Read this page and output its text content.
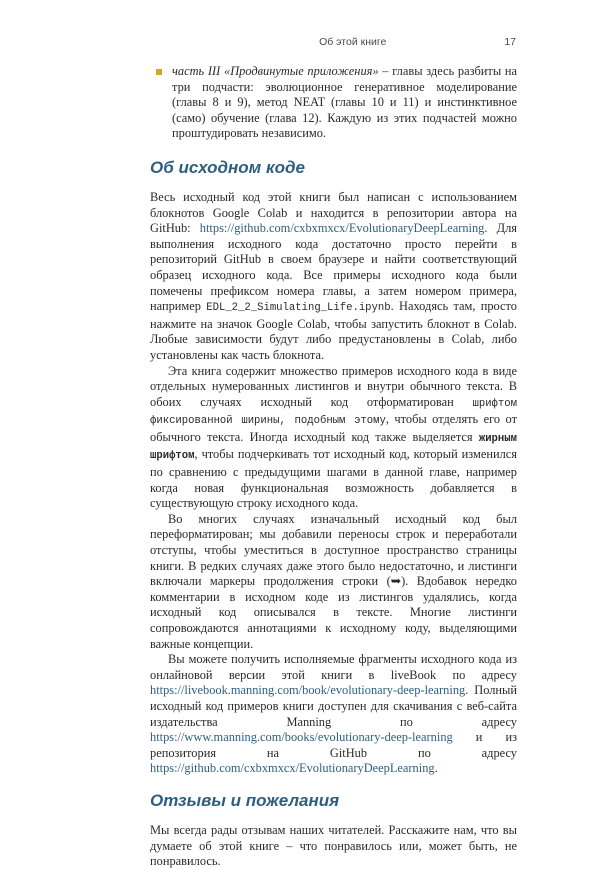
Об этой книге	17
часть III «Продвинутые приложения» – главы здесь разбиты на три подчасти: эволюционное генеративное моделирование (главы 8 и 9), метод NEAT (главы 10 и 11) и инстинктивное (само) обучение (глава 12). Каждую из этих подчастей можно проштудировать независимо.
Об исходном коде

Весь исходный код этой книги был написан с использованием блокнотов Google Colab и находится в репозитории автора на GitHub: https://github.com/cxbxmxcx/EvolutionaryDeepLearning. Для выполнения исходного кода достаточно просто перейти в репозиторий GitHub в своем браузере и найти соответствующий образец исходного кода. Все примеры исходного кода были помечены префиксом номера главы, а затем номером примера, например EDL_2_2_Simulating_Life.ipynb. Находясь там, просто нажмите на значок Google Colab, чтобы запустить блокнот в Colab. Любые зависимости будут либо предустановлены в Colab, либо установлены как часть блокнота.

Эта книга содержит множество примеров исходного кода в виде отдельных нумерованных листингов и внутри обычного текста. В обоих случаях исходный код отформатирован шрифтом фиксированной ширины, подобным этому, чтобы отделять его от обычного текста. Иногда исходный код также выделяется жирным шрифтом, чтобы подчеркивать тот исходный код, который изменился по сравнению с предыдущими шагами в данной главе, например когда новая функциональная возможность добавляется в существующую строку исходного кода.

Во многих случаях изначальный исходный код был переформатирован; мы добавили переносы строк и переработали отступы, чтобы уместиться в доступное пространство страницы книги. В редких случаях даже этого было недостаточно, и листинги включали маркеры продолжения строки (➥). Вдобавок нередко комментарии в исходном коде из листингов удалялись, когда исходный код описывался в тексте. Многие листинги сопровождаются аннотациями к исходному коду, выделяющими важные концепции.

Вы можете получить исполняемые фрагменты исходного кода из онлайновой версии этой книги в liveBook по адресу https://livebook.manning.com/book/evolutionary-deep-learning. Полный исходный код примеров книги доступен для скачивания с веб-сайта издательства Manning по адресу https://www.manning.com/books/evolutionary-deep-learning и из репозитория на GitHub по адресу https://github.com/cxbxmxcx/EvolutionaryDeepLearning.

Отзывы и пожелания

Мы всегда рады отзывам наших читателей. Расскажите нам, что вы думаете об этой книге – что понравилось или, может быть, не понравилось.
